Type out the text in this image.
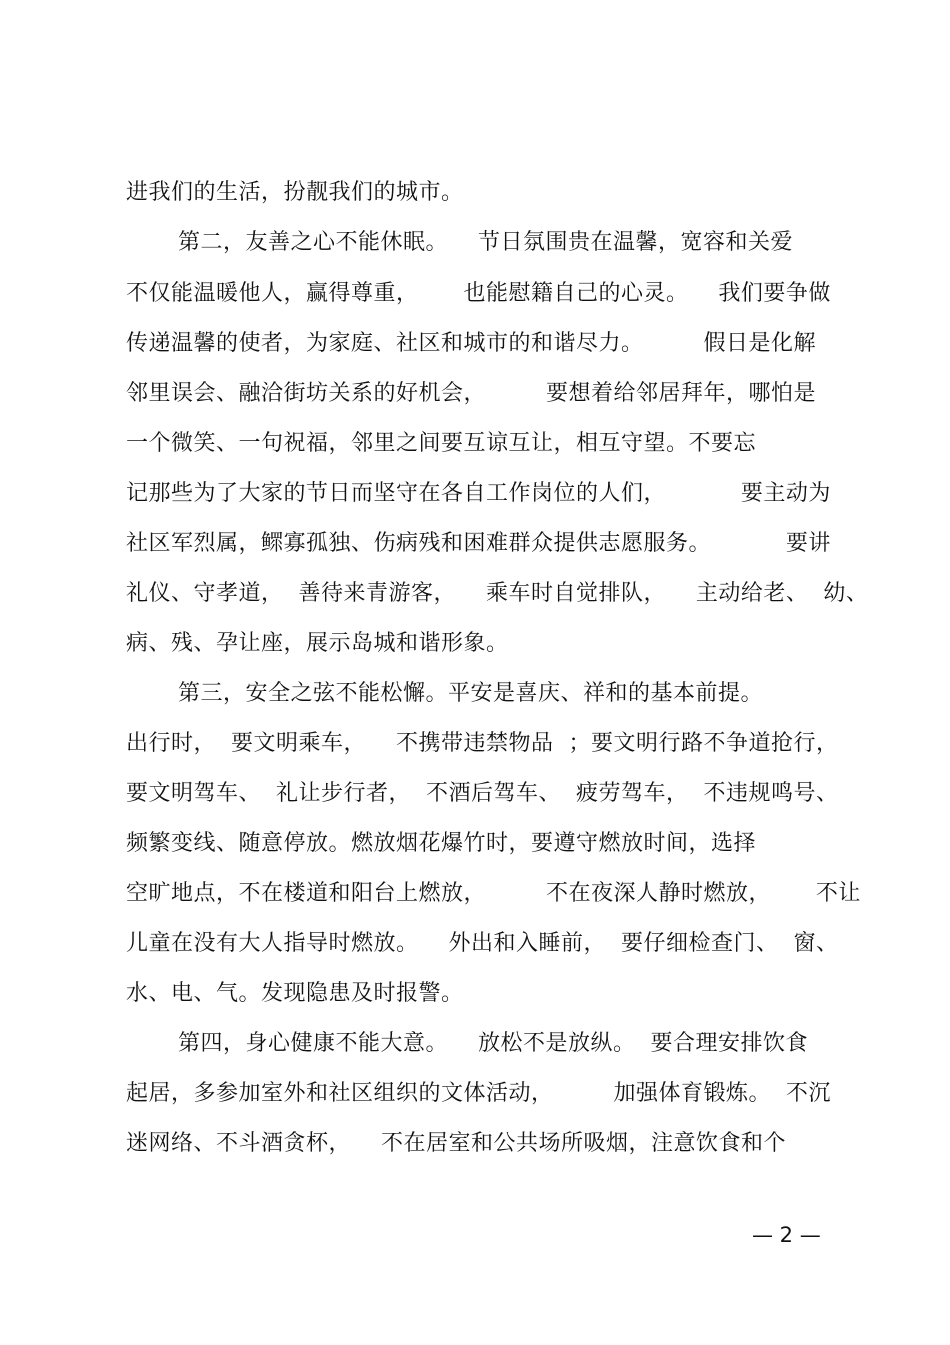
进我们的生活，扮靓我们的城市。
第二，友善之心不能休眠。    节日氛围贵在温馨，宽容和关爱
不仅能温暖他人，赢得尊重，      也能慰籍自己的心灵。    我们要争做
传递温馨的使者，为家庭、社区和城市的和谐尽力。        假日是化解
邻里误会、融洽街坊关系的好机会，        要想着给邻居拜年，哪怕是
一个微笑、一句祝福，邻里之间要互谅互让，相互守望。不要忘
记那些为了大家的节日而坚守在各自工作岗位的人们，          要主动为
社区军烈属，鳏寡孤独、伤病残和困难群众提供志愿服务。          要讲
礼仪、守孝道，  善待来青游客，    乘车时自觉排队，    主动给老、  幼、
病、残、孕让座，展示岛城和谐形象。
第三，安全之弦不能松懈。平安是喜庆、祥和的基本前提。
出行时，  要文明乘车，    不携带违禁物品  ；要文明行路不争道抢行，
要文明驾车、  礼让步行者，  不酒后驾车、  疲劳驾车，  不违规鸣号、
频繁变线、随意停放。燃放烟花爆竹时，要遵守燃放时间，选择
空旷地点，不在楼道和阳台上燃放，        不在夜深人静时燃放，      不让
儿童在没有大人指导时燃放。    外出和入睡前，  要仔细检查门、  窗、
水、电、气。发现隐患及时报警。
第四，身心健康不能大意。    放松不是放纵。  要合理安排饮食
起居，多参加室外和社区组织的文体活动，        加强体育锻炼。  不沉
迷网络、不斗酒贪杯，    不在居室和公共场所吸烟，注意饮食和个
— 2 —
